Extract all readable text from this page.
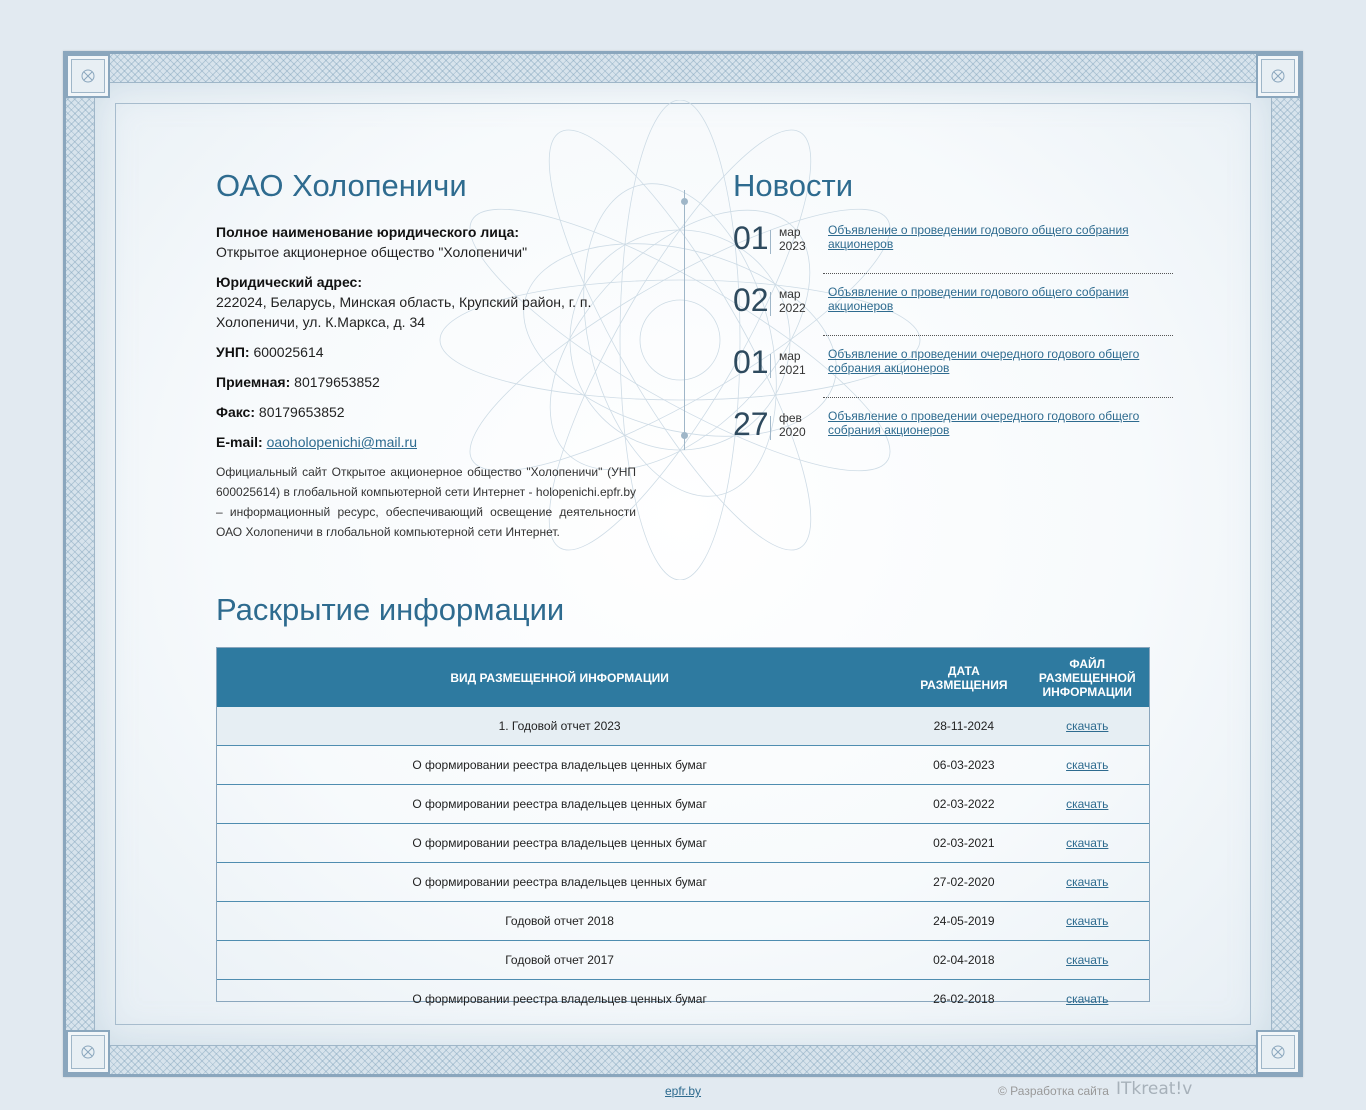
ОАО Холопеничи

Полное наименование юридического лица:
Открытое акционерное общество "Холопеничи"

Юридический адрес:
222024, Беларусь, Минская область, Крупский район, г. п. Холопеничи, ул. К.Маркса, д. 34

УНП: 600025614

Приемная: 80179653852

Факс: 80179653852

E-mail: oaoholopenichi@mail.ru

Официальный сайт Открытое акционерное общество "Холопеничи" (УНП 600025614) в глобальной компьютерной сети Интернет - holopenichi.epfr.by – информационный ресурс, обеспечивающий освещение деятельности ОАО Холопеничи в глобальной компьютерной сети Интернет.
Новости
01 мар
2023
Объявление о проведении годового общего собрания акционеров
02 мар
2022
Объявление о проведении годового общего собрания акционеров
01 мар
2021
Объявление о проведении очередного годового общего собрания акционеров
27 фев
2020
Объявление о проведении очередного годового общего собрания акционеров
Раскрытие информации
ВИД РАЗМЕЩЕННОЙ ИНФОРМАЦИИ	ДАТА РАЗМЕЩЕНИЯ	ФАЙЛ РАЗМЕЩЕННОЙ ИНФОРМАЦИИ
1. Годовой отчет 2023	28-11-2024	скачать
О формировании реестра владельцев ценных бумаг	06-03-2023	скачать
О формировании реестра владельцев ценных бумаг	02-03-2022	скачать
О формировании реестра владельцев ценных бумаг	02-03-2021	скачать
О формировании реестра владельцев ценных бумаг	27-02-2020	скачать
Годовой отчет 2018	24-05-2019	скачать
Годовой отчет 2017	02-04-2018	скачать
О формировании реестра владельцев ценных бумаг	26-02-2018	скачать
epfr.by	© Разработка сайта ITkreat!v
